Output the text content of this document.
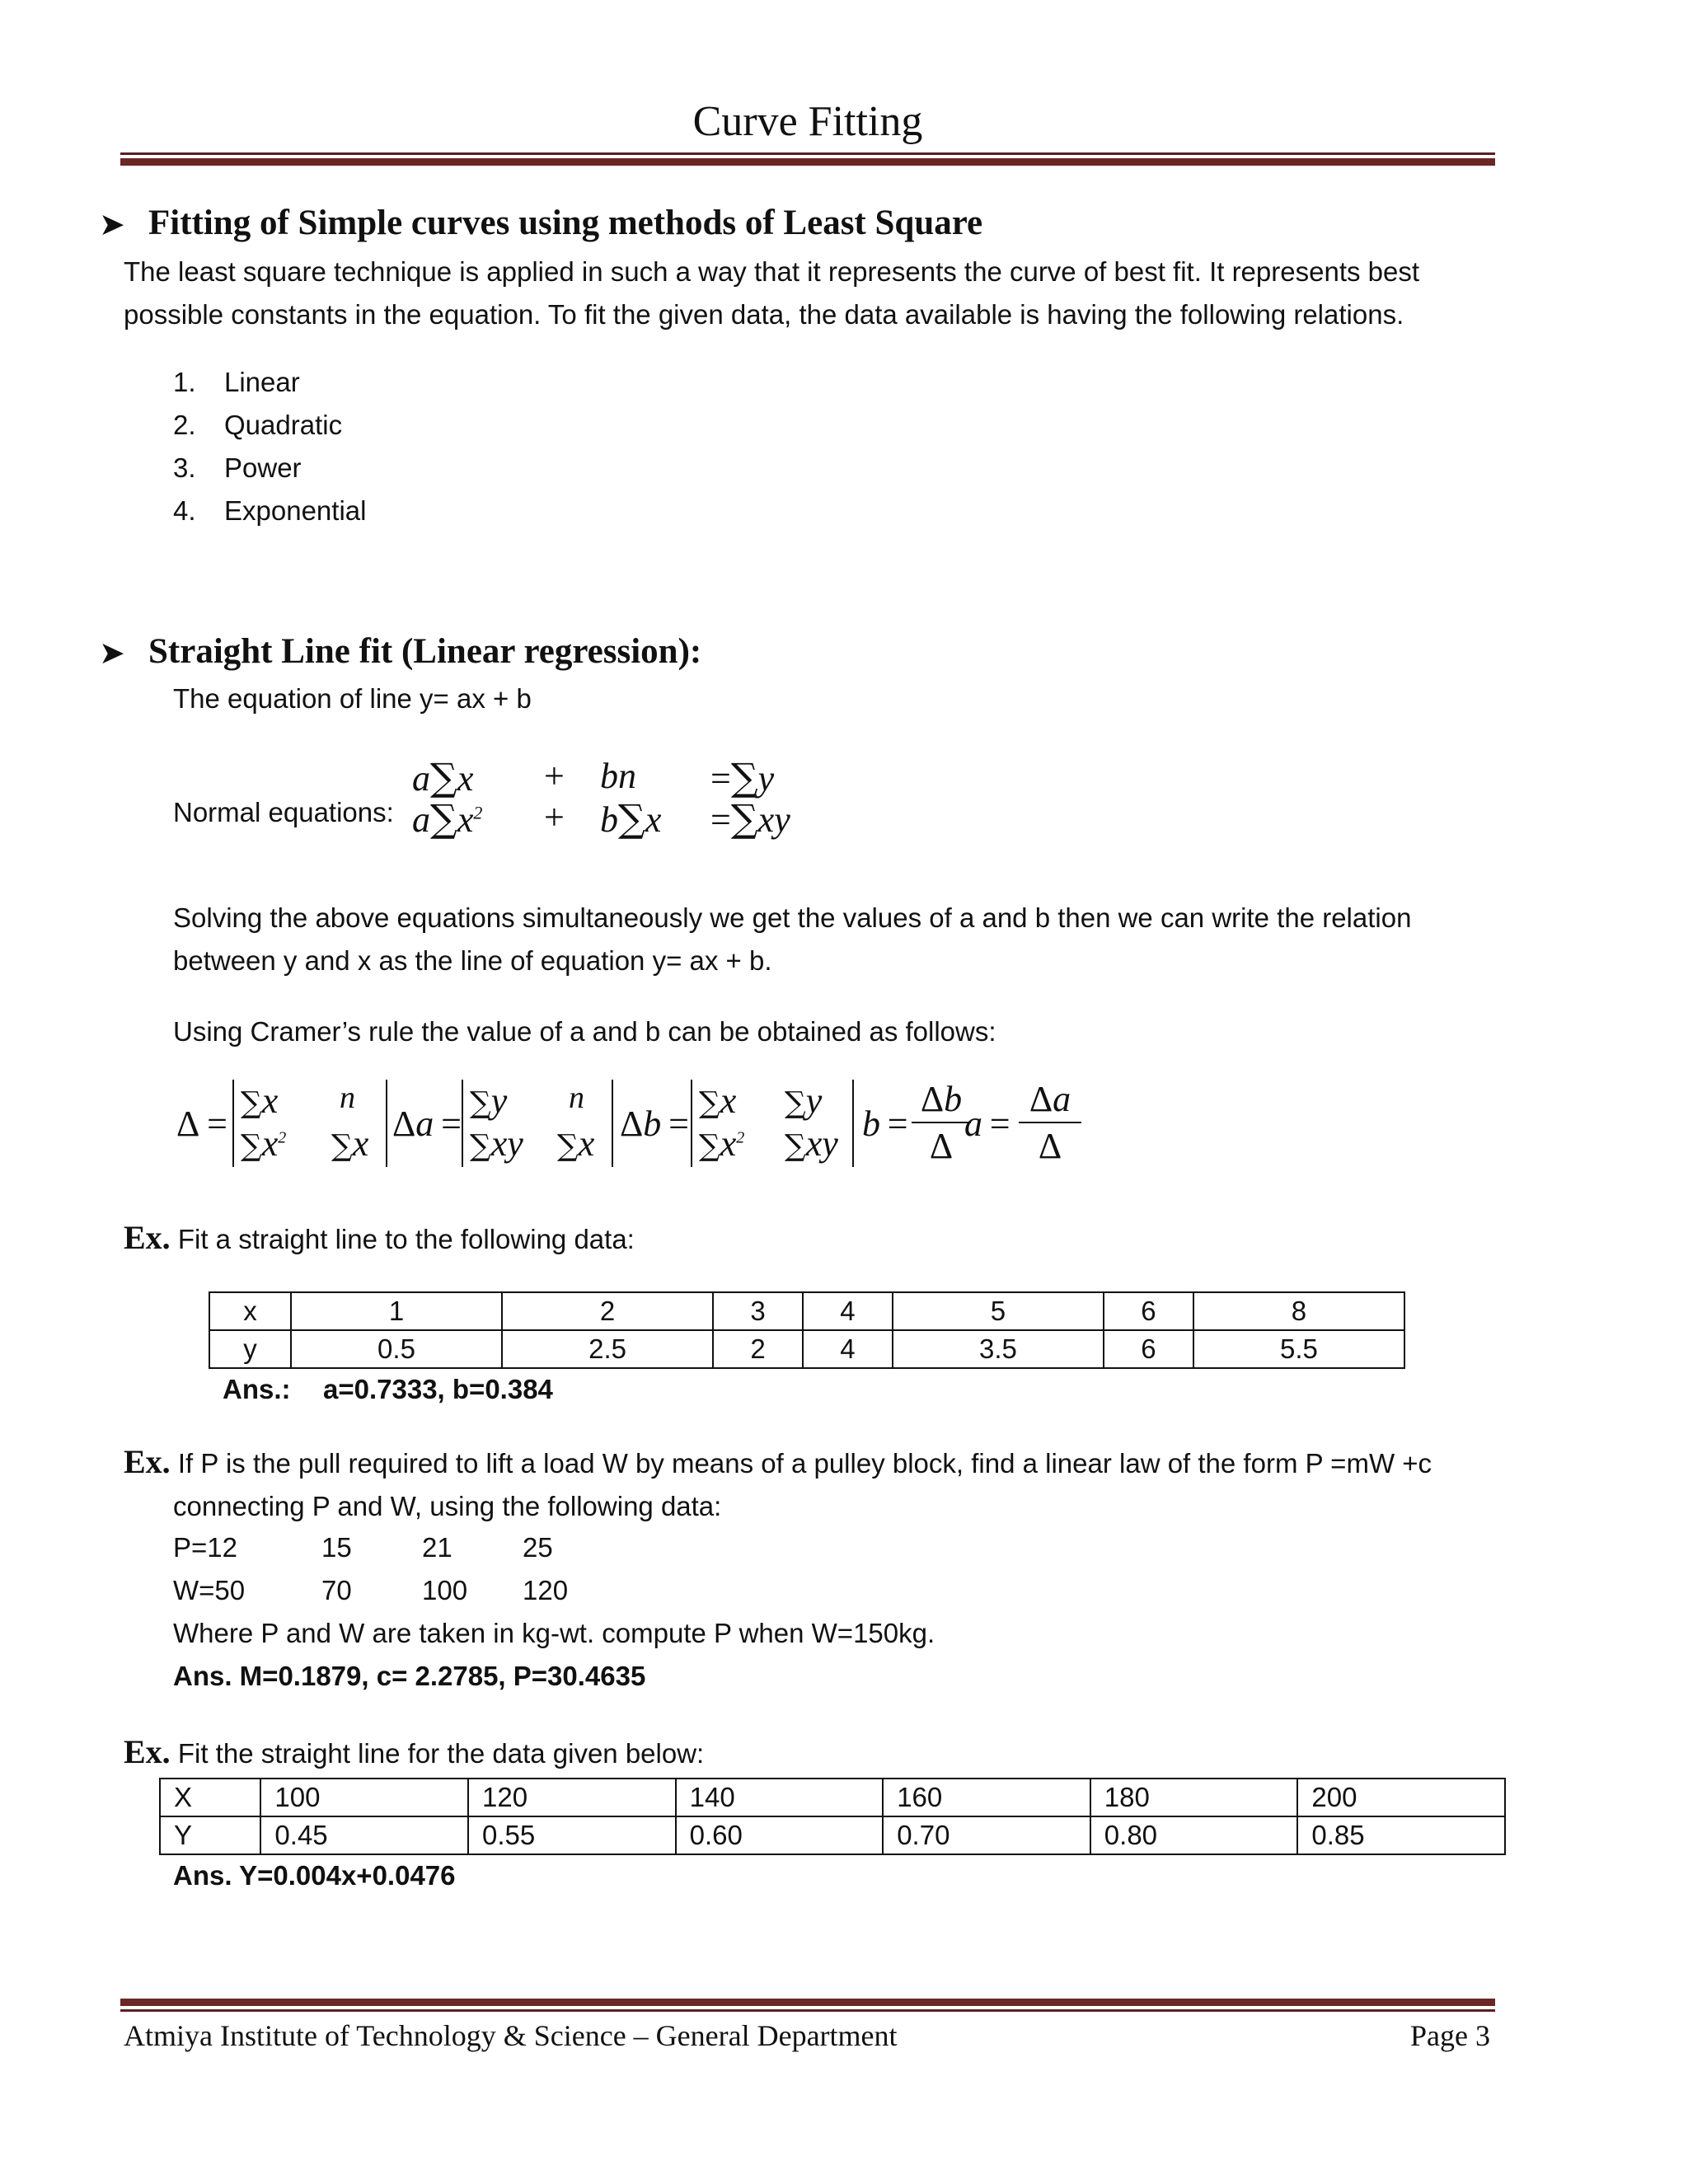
Curve Fitting
➤ Fitting of Simple curves using methods of Least Square
The least square technique is applied in such a way that it represents the curve of best fit. It represents best
possible constants in the equation. To fit the given data, the data available is having the following relations.
1. Linear
2. Quadratic
3. Power
4. Exponential
➤ Straight Line fit (Linear regression):
The equation of line y= ax + b
Normal equations:
a∑x + bn =∑y
$a\sum x^2 + b\sum x =\sum xy$
Solving the above equations simultaneously we get the values of a and b then we can write the relation
between y and x as the line of equation y= ax + b.
Using Cramer’s rule the value of a and b can be obtained as follows:
Δ =
∑x n
$\sum x^2$ ∑x Δa =
∑y n
∑xy ∑x Δb =
∑x ∑y
$\sum x^2$ ∑xy b =
Δb
Δ
a =
Δa
Δ
Ex. Fit a straight line to the following data:
x	1	2	3	4	5	6	8
y	0.5	2.5	2	4	3.5	6	5.5
Ans.: a=0.7333, b=0.384
Ex. If P is the pull required to lift a load W by means of a pulley block, find a linear law of the form P =mW +c
connecting P and W, using the following data:
P=12	15	21	25
W=50	70	100 120
Where P and W are taken in kg-wt. compute P when W=150kg.
Ans. M=0.1879, c= 2.2785, P=30.4635
Ex. Fit the straight line for the data given below:
X	100	120	140	160	180	200
Y	0.45	0.55	0.60	0.70	0.80	0.85
Ans. Y=0.004x+0.0476
Atmiya Institute of Technology & Science – General Department	Page 3
